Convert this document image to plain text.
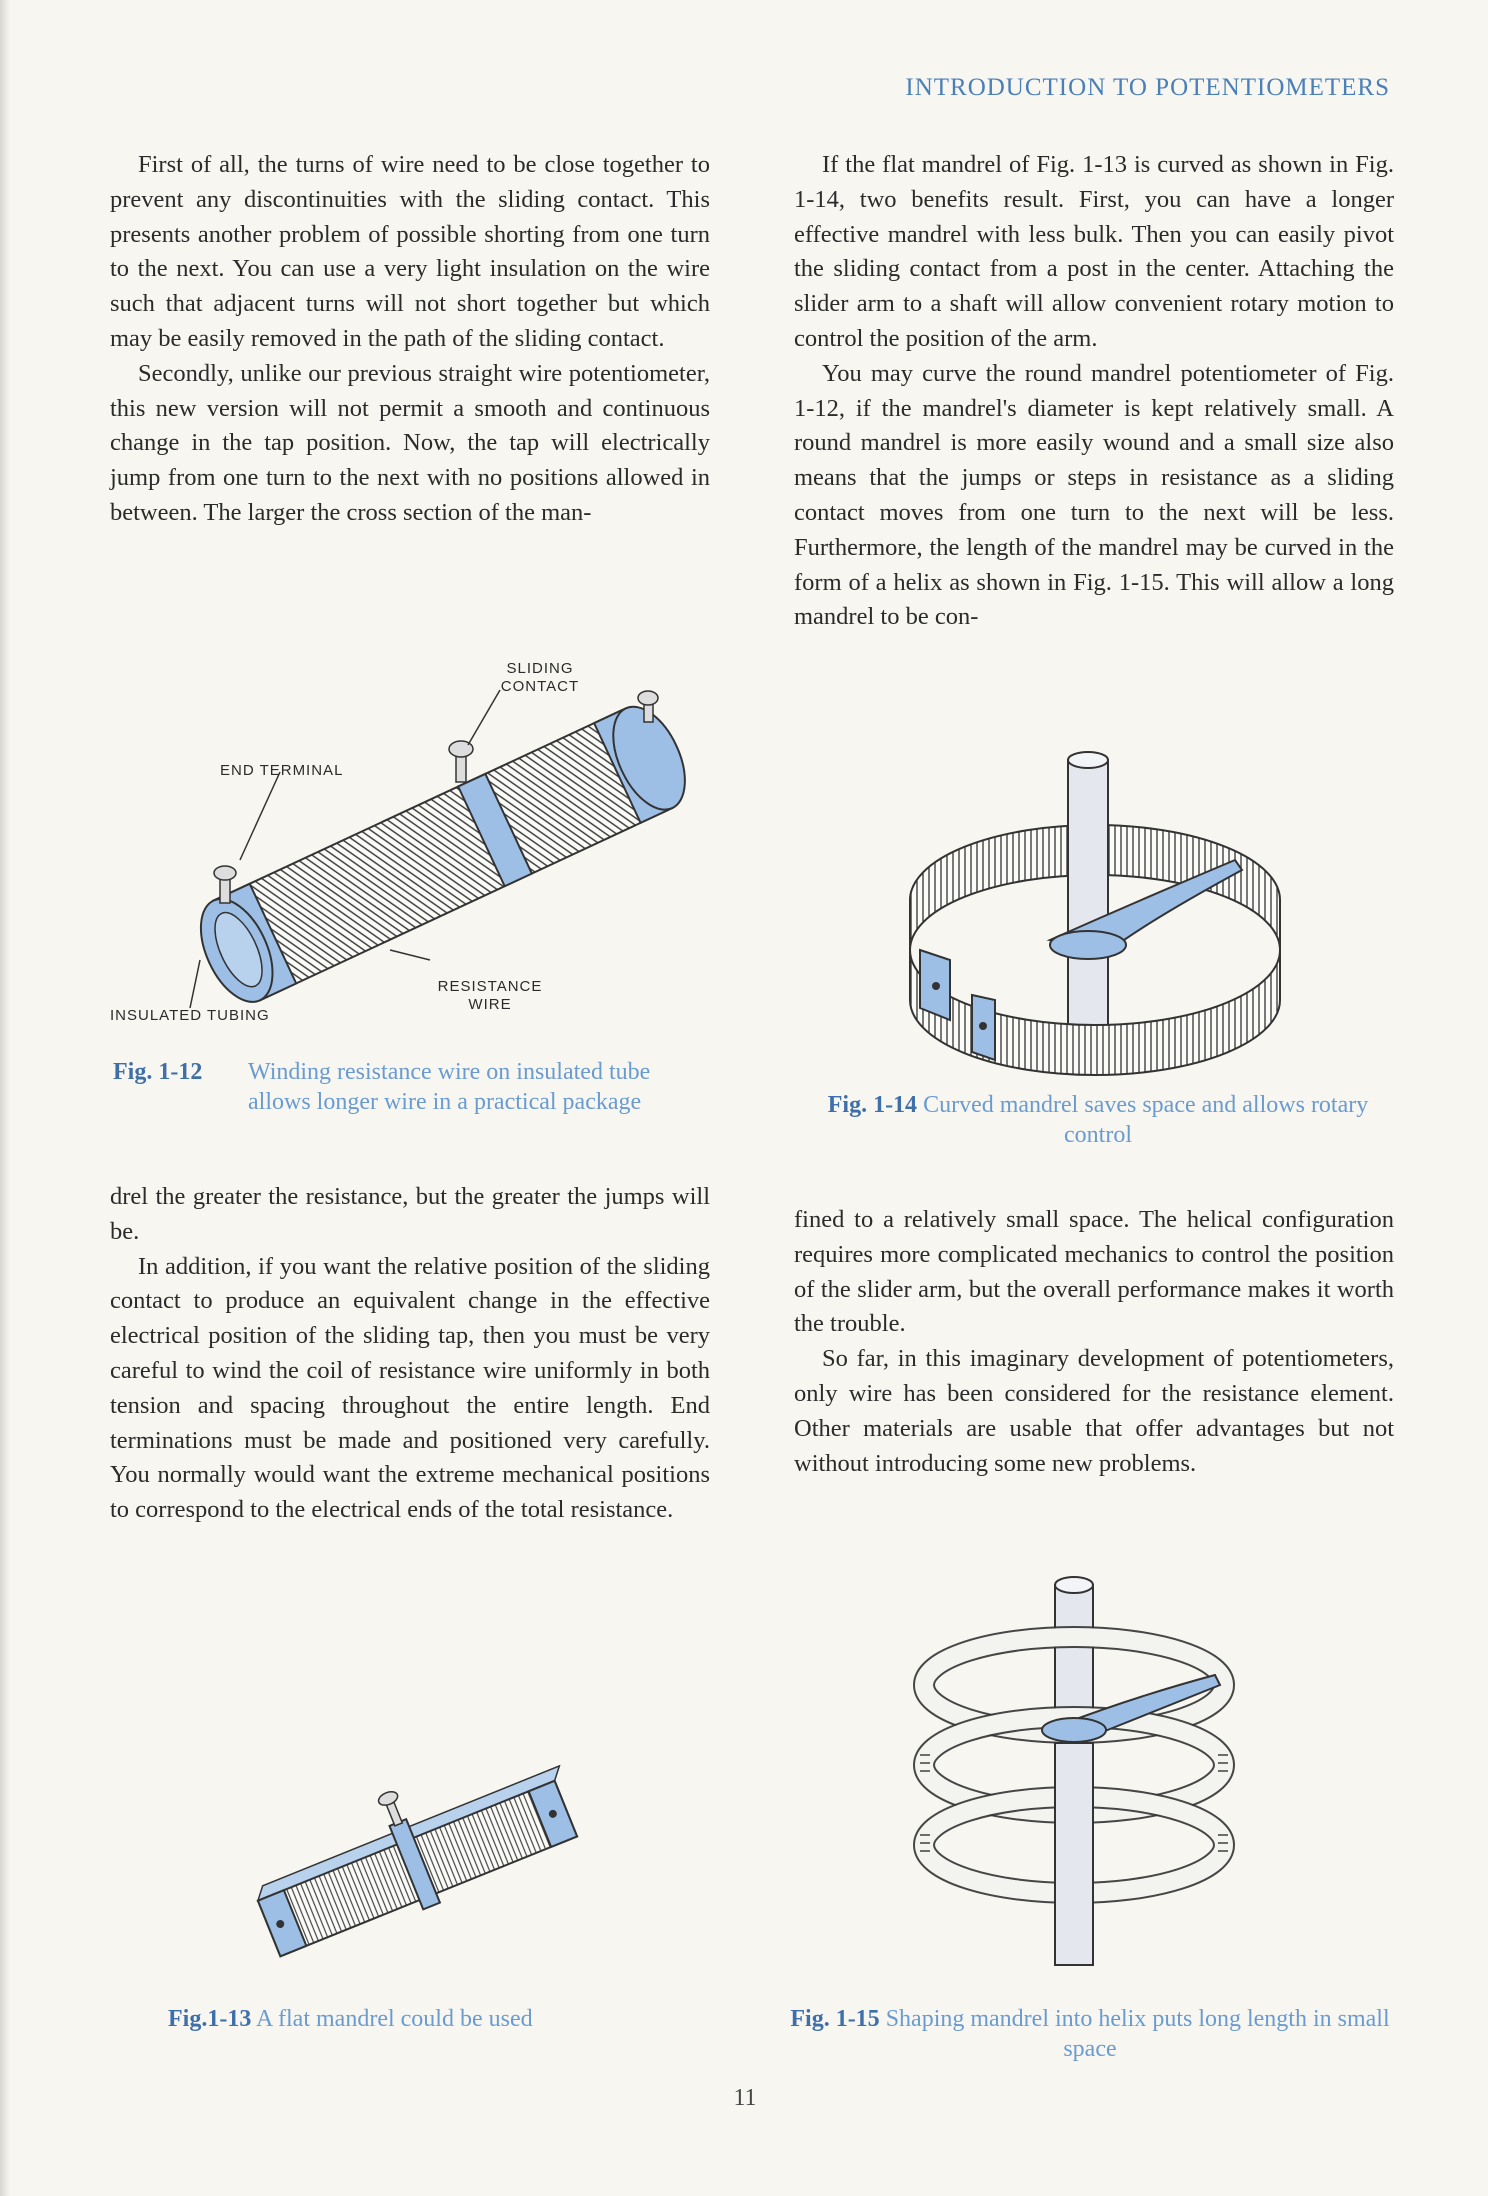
INTRODUCTION TO POTENTIOMETERS

First of all, the turns of wire need to be close together to prevent any discontinuities with the sliding contact. This presents another problem of possible shorting from one turn to the next. You can use a very light insulation on the wire such that adjacent turns will not short together but which may be easily removed in the path of the sliding contact.

Secondly, unlike our previous straight wire potentiometer, this new version will not permit a smooth and continuous change in the tap position. Now, the tap will electrically jump from one turn to the next with no positions allowed in between. The larger the cross section of the man-

SLIDING
CONTACT
END TERMINAL
RESISTANCE
WIRE
INSULATED TUBING
Fig. 1-12 Winding resistance wire on insulated tube allows longer wire in a practical package

drel the greater the resistance, but the greater the jumps will be.

In addition, if you want the relative position of the sliding contact to produce an equivalent change in the effective electrical position of the sliding tap, then you must be very careful to wind the coil of resistance wire uniformly in both tension and spacing throughout the entire length. End terminations must be made and positioned very carefully. You normally would want the extreme mechanical positions to correspond to the electrical ends of the total resistance.

Fig.1-13 A flat mandrel could be used

If the flat mandrel of Fig. 1-13 is curved as shown in Fig. 1-14, two benefits result. First, you can have a longer effective mandrel with less bulk. Then you can easily pivot the sliding contact from a post in the center. Attaching the slider arm to a shaft will allow convenient rotary motion to control the position of the arm.

You may curve the round mandrel potentiometer of Fig. 1-12, if the mandrel's diameter is kept relatively small. A round mandrel is more easily wound and a small size also means that the jumps or steps in resistance as a sliding contact moves from one turn to the next will be less. Furthermore, the length of the mandrel may be curved in the form of a helix as shown in Fig. 1-15. This will allow a long mandrel to be con-

Fig. 1-14 Curved mandrel saves space and allows rotary control

fined to a relatively small space. The helical configuration requires more complicated mechanics to control the position of the slider arm, but the overall performance makes it worth the trouble.

So far, in this imaginary development of potentiometers, only wire has been considered for the resistance element. Other materials are usable that offer advantages but not without introducing some new problems.

Fig. 1-15 Shaping mandrel into helix puts long length in small space
11
